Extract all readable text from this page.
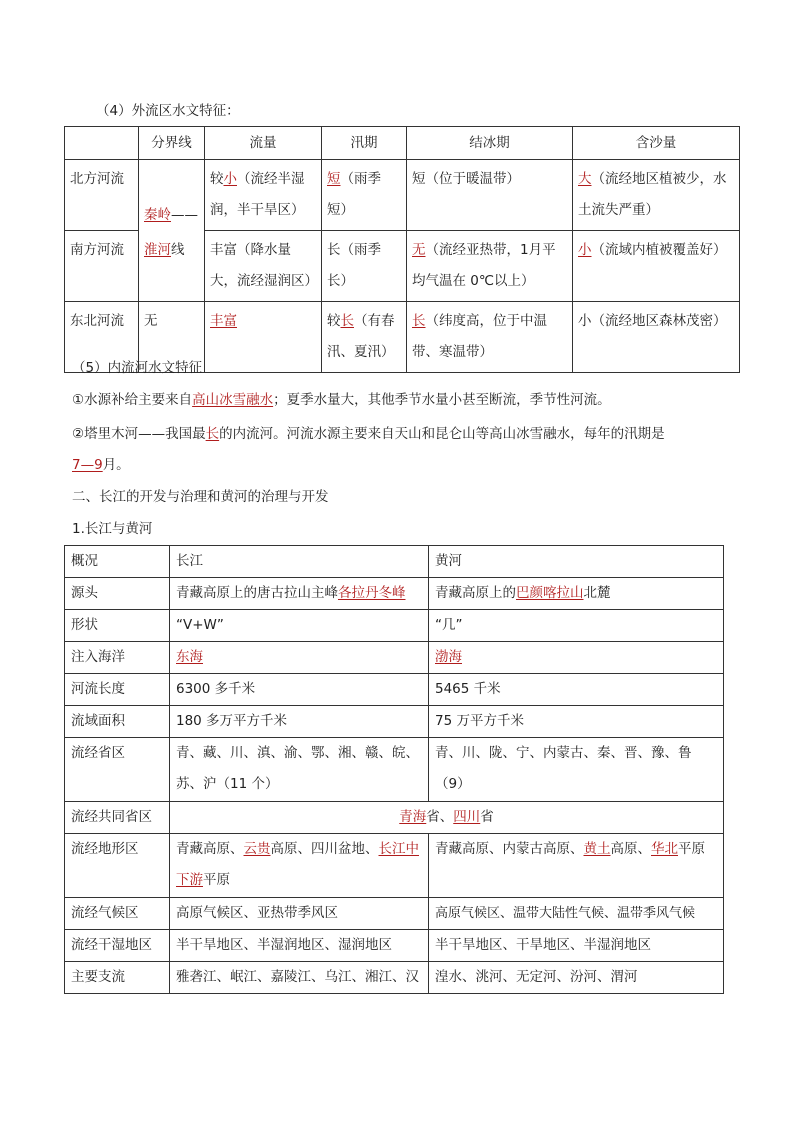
（4）外流区水文特征：
	分界线	流量	汛期	结冰期	含沙量
北方河流	秦岭——	较小（流经半湿润，半干旱区）	短（雨季短）	短（位于暖温带）	大（流经地区植被少，水土流失严重）
南方河流	淮河线	丰富（降水量大，流经湿润区）	长（雨季长）	无（流经亚热带，1月平均气温在 0℃以上）	小（流域内植被覆盖好）
东北河流	无	丰富	较长（有春汛、夏汛）	长（纬度高，位于中温带、寒温带）	小（流经地区森林茂密）
（5）内流河水文特征
①水源补给主要来自高山冰雪融水；夏季水量大，其他季节水量小甚至断流，季节性河流。
②塔里木河——我国最长的内流河。河流水源主要来自天山和昆仑山等高山冰雪融水，每年的汛期是
7—9月。
二、长江的开发与治理和黄河的治理与开发
1.长江与黄河
概况	长江	黄河
源头	青藏高原上的唐古拉山主峰各拉丹冬峰	青藏高原上的巴颜喀拉山北麓
形状	“V+W”	“几”
注入海洋	东海	渤海
河流长度	6300 多千米	5465 千米
流域面积	180 多万平方千米	75 万平方千米
流经省区	青、藏、川、滇、渝、鄂、湘、赣、皖、苏、沪（11 个）	青、川、陇、宁、内蒙古、秦、晋、豫、鲁（9）
流经共同省区	青海省、四川省	
流经地形区	青藏高原、云贵高原、四川盆地、长江中下游平原	青藏高原、内蒙古高原、黄土高原、华北平原
流经气候区	高原气候区、亚热带季风区	高原气候区、温带大陆性气候、温带季风气候
流经干湿地区	半干旱地区、半湿润地区、湿润地区	半干旱地区、干旱地区、半湿润地区
主要支流	雅砻江、岷江、嘉陵江、乌江、湘江、汉	湟水、洮河、无定河、汾河、渭河
